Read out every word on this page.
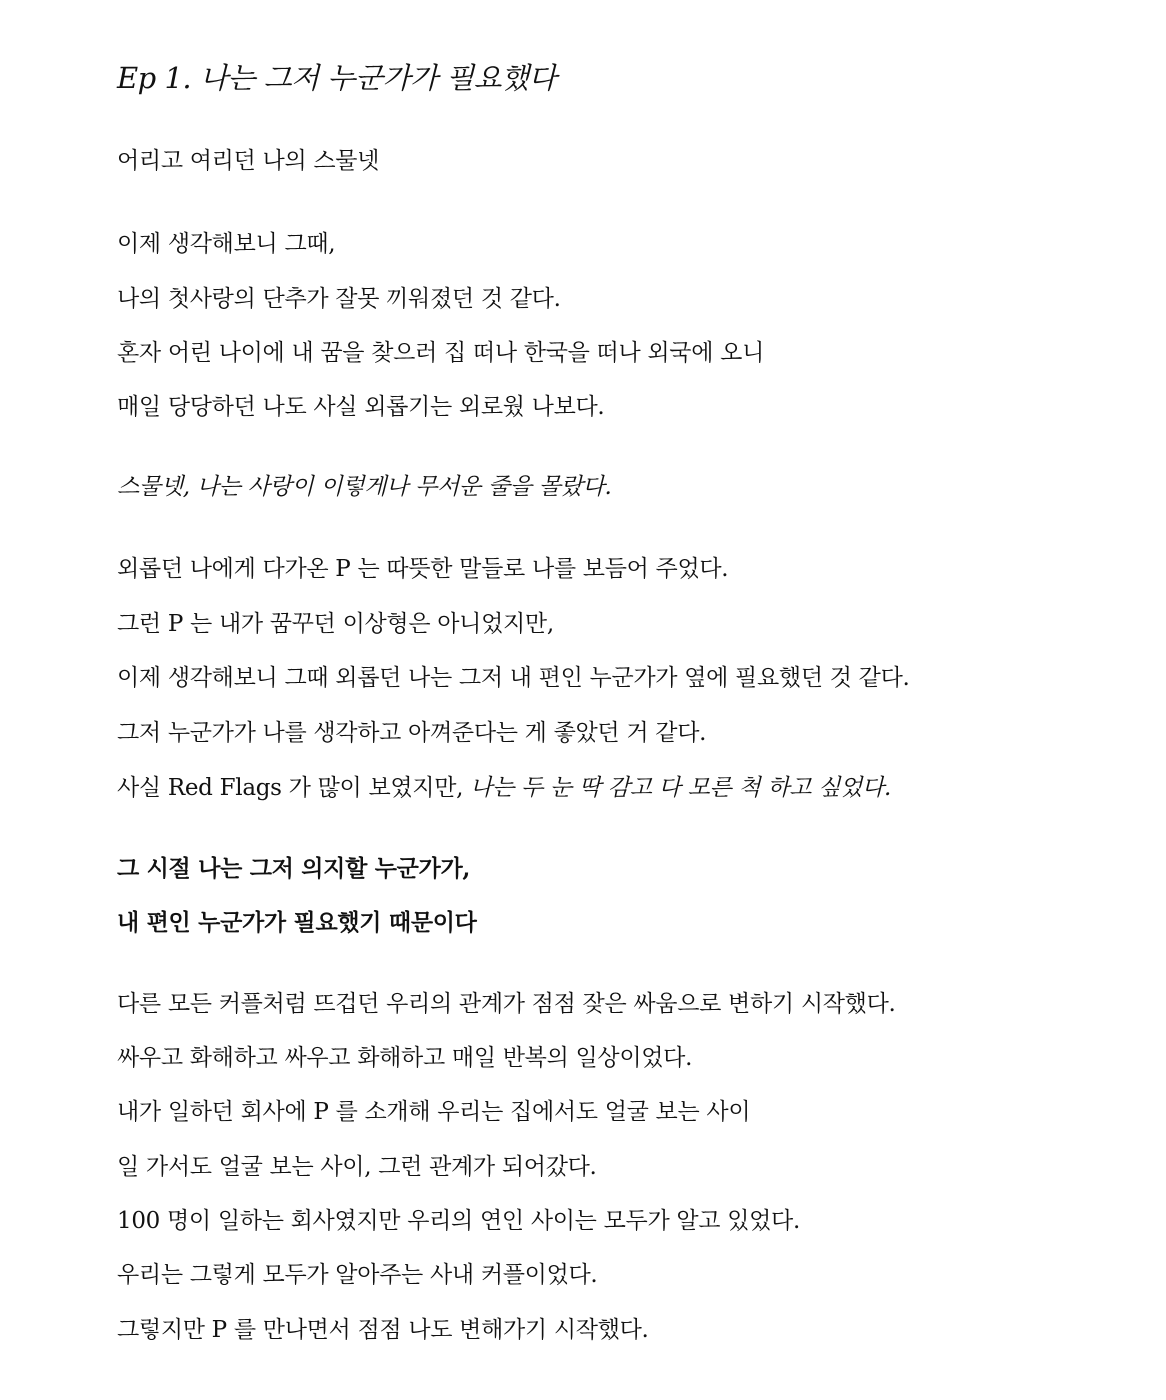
Ep 1. 나는 그저 누군가가 필요했다

어리고 여리던 나의 스물넷

이제 생각해보니 그때,

나의 첫사랑의 단추가 잘못 끼워졌던 것 같다.

혼자 어린 나이에 내 꿈을 찾으러 집 떠나 한국을 떠나 외국에 오니

매일 당당하던 나도 사실 외롭기는 외로웠 나보다.

스물넷, 나는 사랑이 이렇게나 무서운 줄을 몰랐다.

외롭던 나에게 다가온 P 는 따뜻한 말들로 나를 보듬어 주었다.

그런 P 는 내가 꿈꾸던 이상형은 아니었지만,

이제 생각해보니 그때 외롭던 나는 그저 내 편인 누군가가 옆에 필요했던 것 같다.

그저 누군가가 나를 생각하고 아껴준다는 게 좋았던 거 같다.

사실 Red Flags 가 많이 보였지만, 나는 두 눈 딱 감고 다 모른 척 하고 싶었다.

그 시절 나는 그저 의지할 누군가가,

내 편인 누군가가 필요했기 때문이다

다른 모든 커플처럼 뜨겁던 우리의 관계가 점점 잦은 싸움으로 변하기 시작했다.

싸우고 화해하고 싸우고 화해하고 매일 반복의 일상이었다.

내가 일하던 회사에 P 를 소개해 우리는 집에서도 얼굴 보는 사이

일 가서도 얼굴 보는 사이, 그런 관계가 되어갔다.

100 명이 일하는 회사였지만 우리의 연인 사이는 모두가 알고 있었다.

우리는 그렇게 모두가 알아주는 사내 커플이었다.

그렇지만 P 를 만나면서 점점 나도 변해가기 시작했다.
